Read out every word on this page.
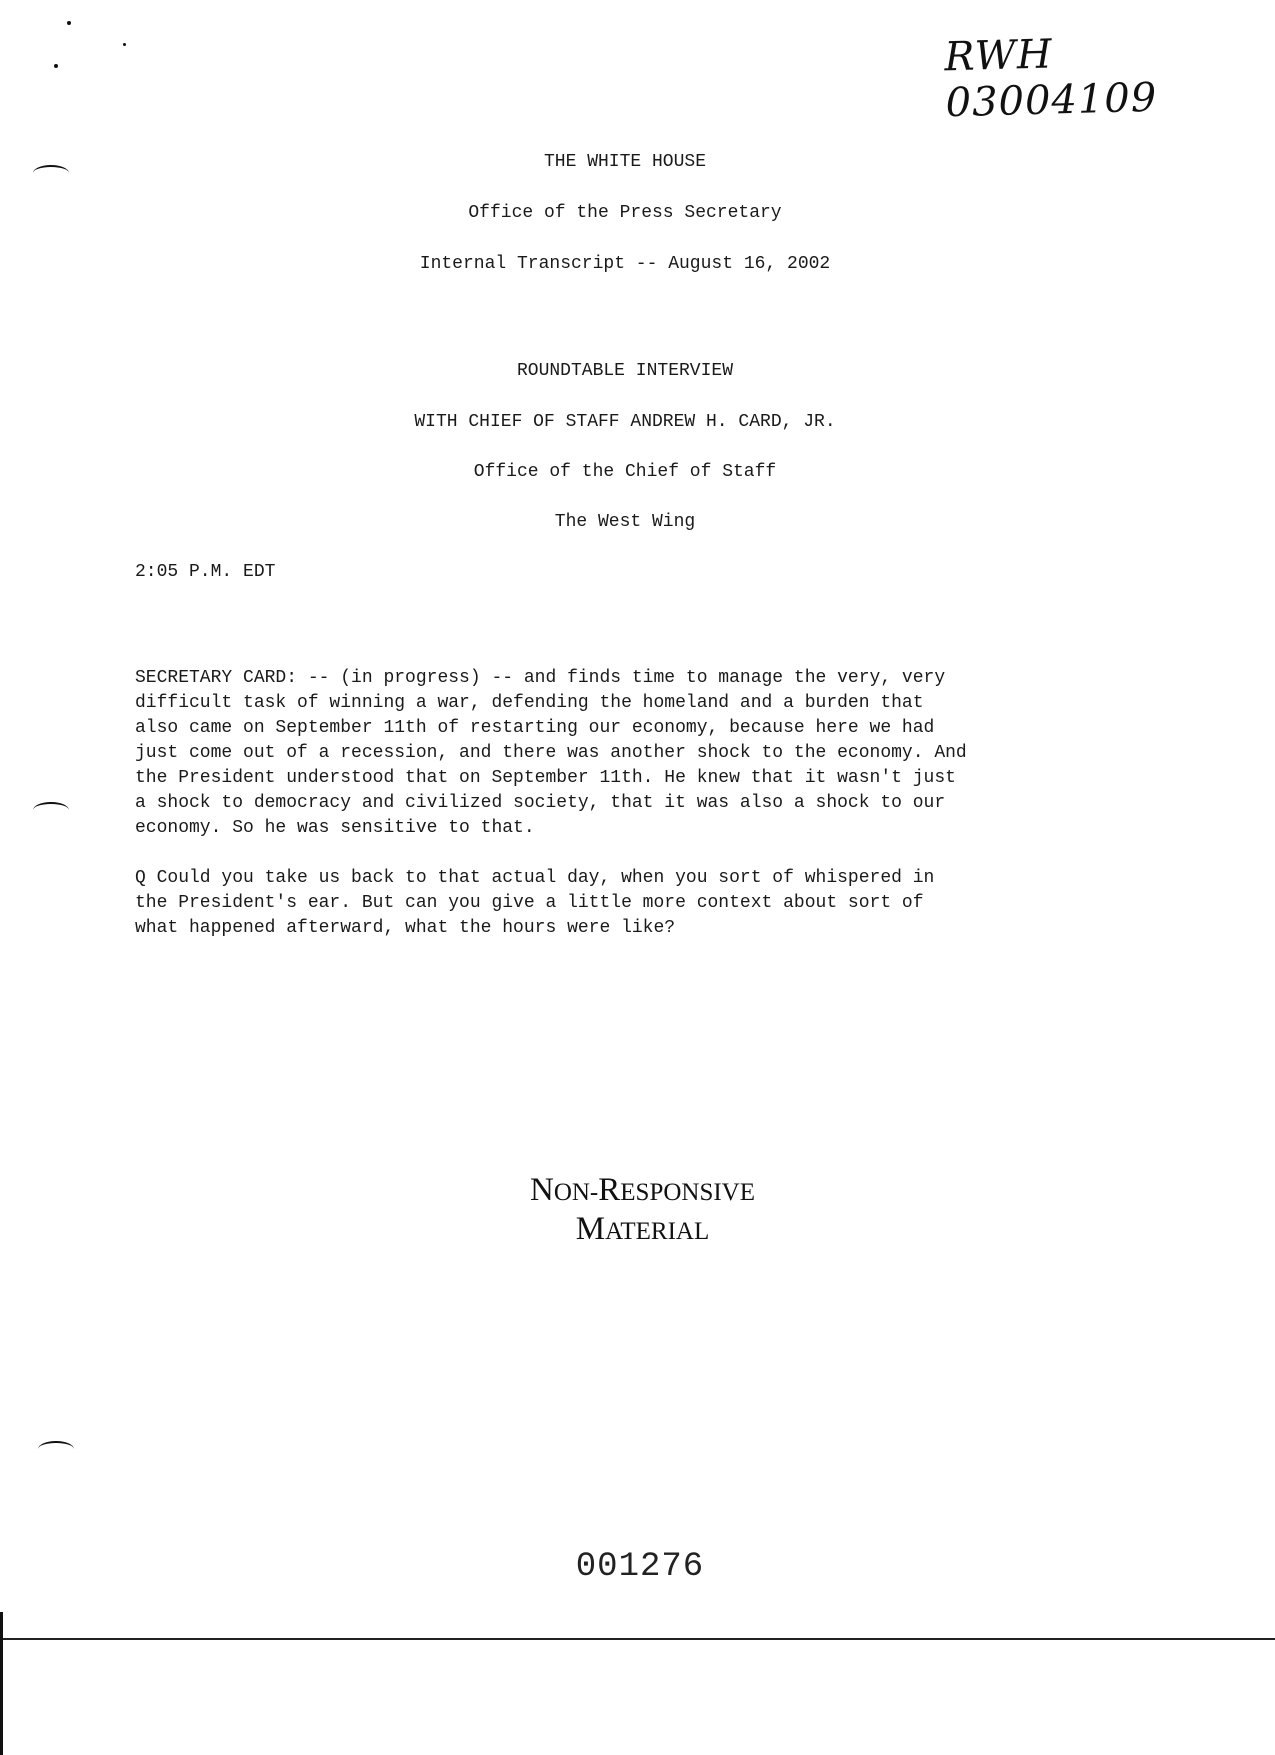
RWH 03004109
THE WHITE HOUSE
Office of the Press Secretary
Internal Transcript -- August 16, 2002
ROUNDTABLE INTERVIEW
WITH CHIEF OF STAFF ANDREW H. CARD, JR.
Office of the Chief of Staff
The West Wing
2:05 P.M. EDT
SECRETARY CARD: -- (in progress) -- and finds time to manage the very, very
difficult task of winning a war, defending the homeland and a burden that
also came on September 11th of restarting our economy, because here we had
just come out of a recession, and there was another shock to the economy. And
the President understood that on September 11th. He knew that it wasn't just
a shock to democracy and civilized society, that it was also a shock to our
economy. So he was sensitive to that.
Q Could you take us back to that actual day, when you sort of whispered in
the President's ear. But can you give a little more context about sort of
what happened afterward, what the hours were like?
NON-RESPONSIVE
MATERIAL
001276
